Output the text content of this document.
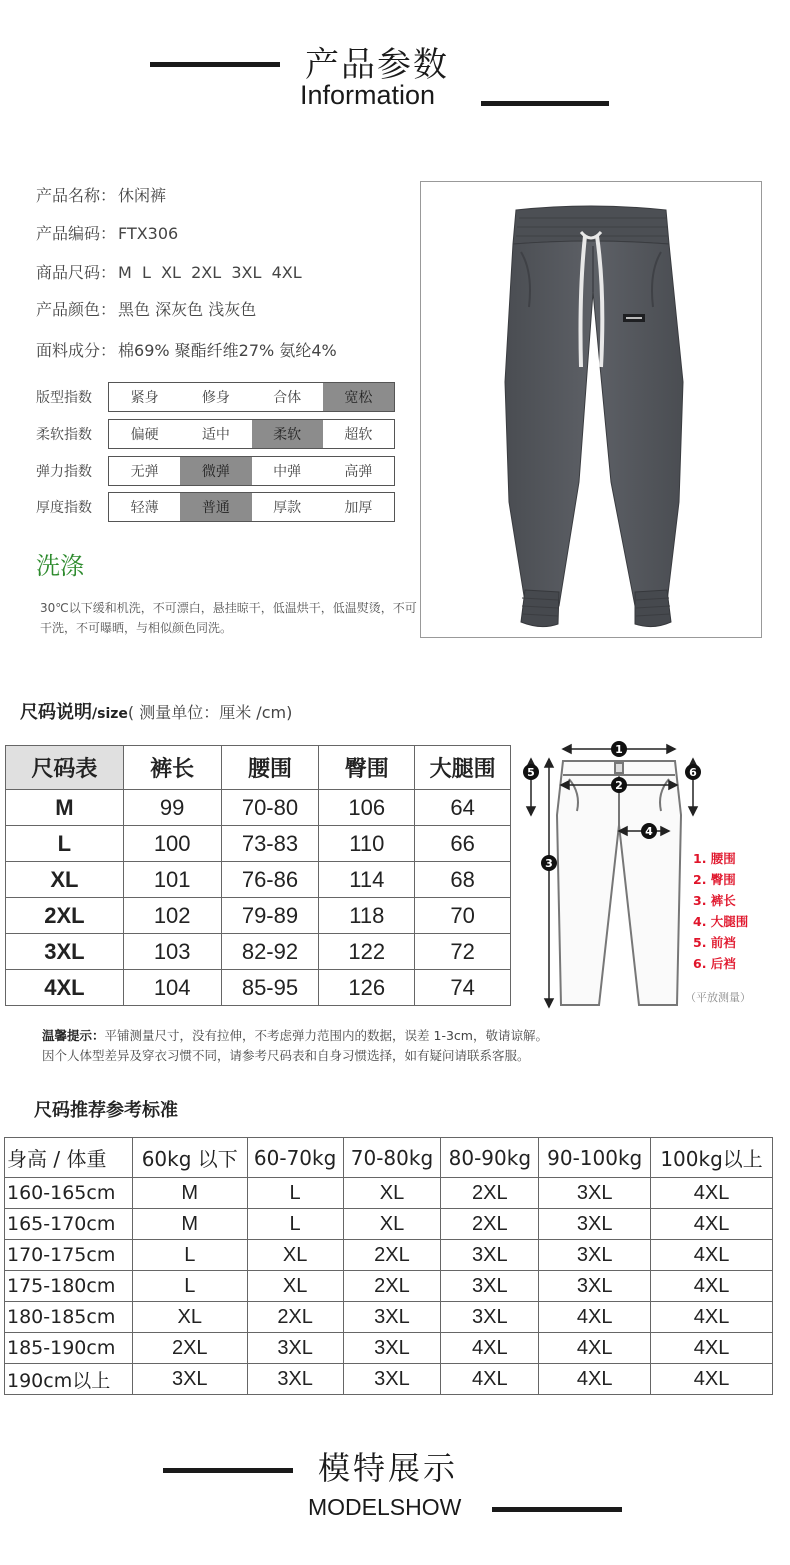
产品参数
Information
产品名称： 休闲裤
产品编码： FTX306
商品尺码： M  L  XL  2XL  3XL  4XL
产品颜色： 黑色 深灰色 浅灰色
面料成分： 棉69% 聚酯纤维27% 氨纶4%
版型指数	紧身	修身	合体	宽松
柔软指数	偏硬	适中	柔软	超软
弹力指数	无弹	微弹	中弹	高弹
厚度指数	轻薄	普通	厚款	加厚
洗涤
30℃以下缓和机洗，不可漂白，悬挂晾干，低温烘干，低温熨烫，不可干洗，不可曝晒，与相似颜色同洗。
尺码说明/size( 测量单位：厘米 /cm)
尺码表	裤长	腰围	臀围	大腿围
M	99	70-80	106	64
L	100	73-83	110	66
XL	101	76-86	114	68
2XL	102	79-89	118	70
3XL	103	82-92	122	72
4XL	104	85-95	126	74
1
2
3
4
5	6
1. 腰围
2. 臀围
3. 裤长
4. 大腿围
5. 前裆
6. 后裆
（平放测量）
温馨提示：平铺测量尺寸，没有拉伸，不考虑弹力范围内的数据，误差 1-3cm，敬请谅解。
因个人体型差异及穿衣习惯不同，请参考尺码表和自身习惯选择，如有疑问请联系客服。
尺码推荐参考标准
身高 / 体重	60kg 以下	60-70kg	70-80kg	80-90kg	90-100kg	100kg以上
160-165cm	M	L	XL	2XL	3XL	4XL
165-170cm	M	L	XL	2XL	3XL	4XL
170-175cm	L	XL	2XL	3XL	3XL	4XL
175-180cm	L	XL	2XL	3XL	3XL	4XL
180-185cm	XL	2XL	3XL	3XL	4XL	4XL
185-190cm	2XL	3XL	3XL	4XL	4XL	4XL
190cm以上	3XL	3XL	3XL	4XL	4XL	4XL
模特展示
MODELSHOW
